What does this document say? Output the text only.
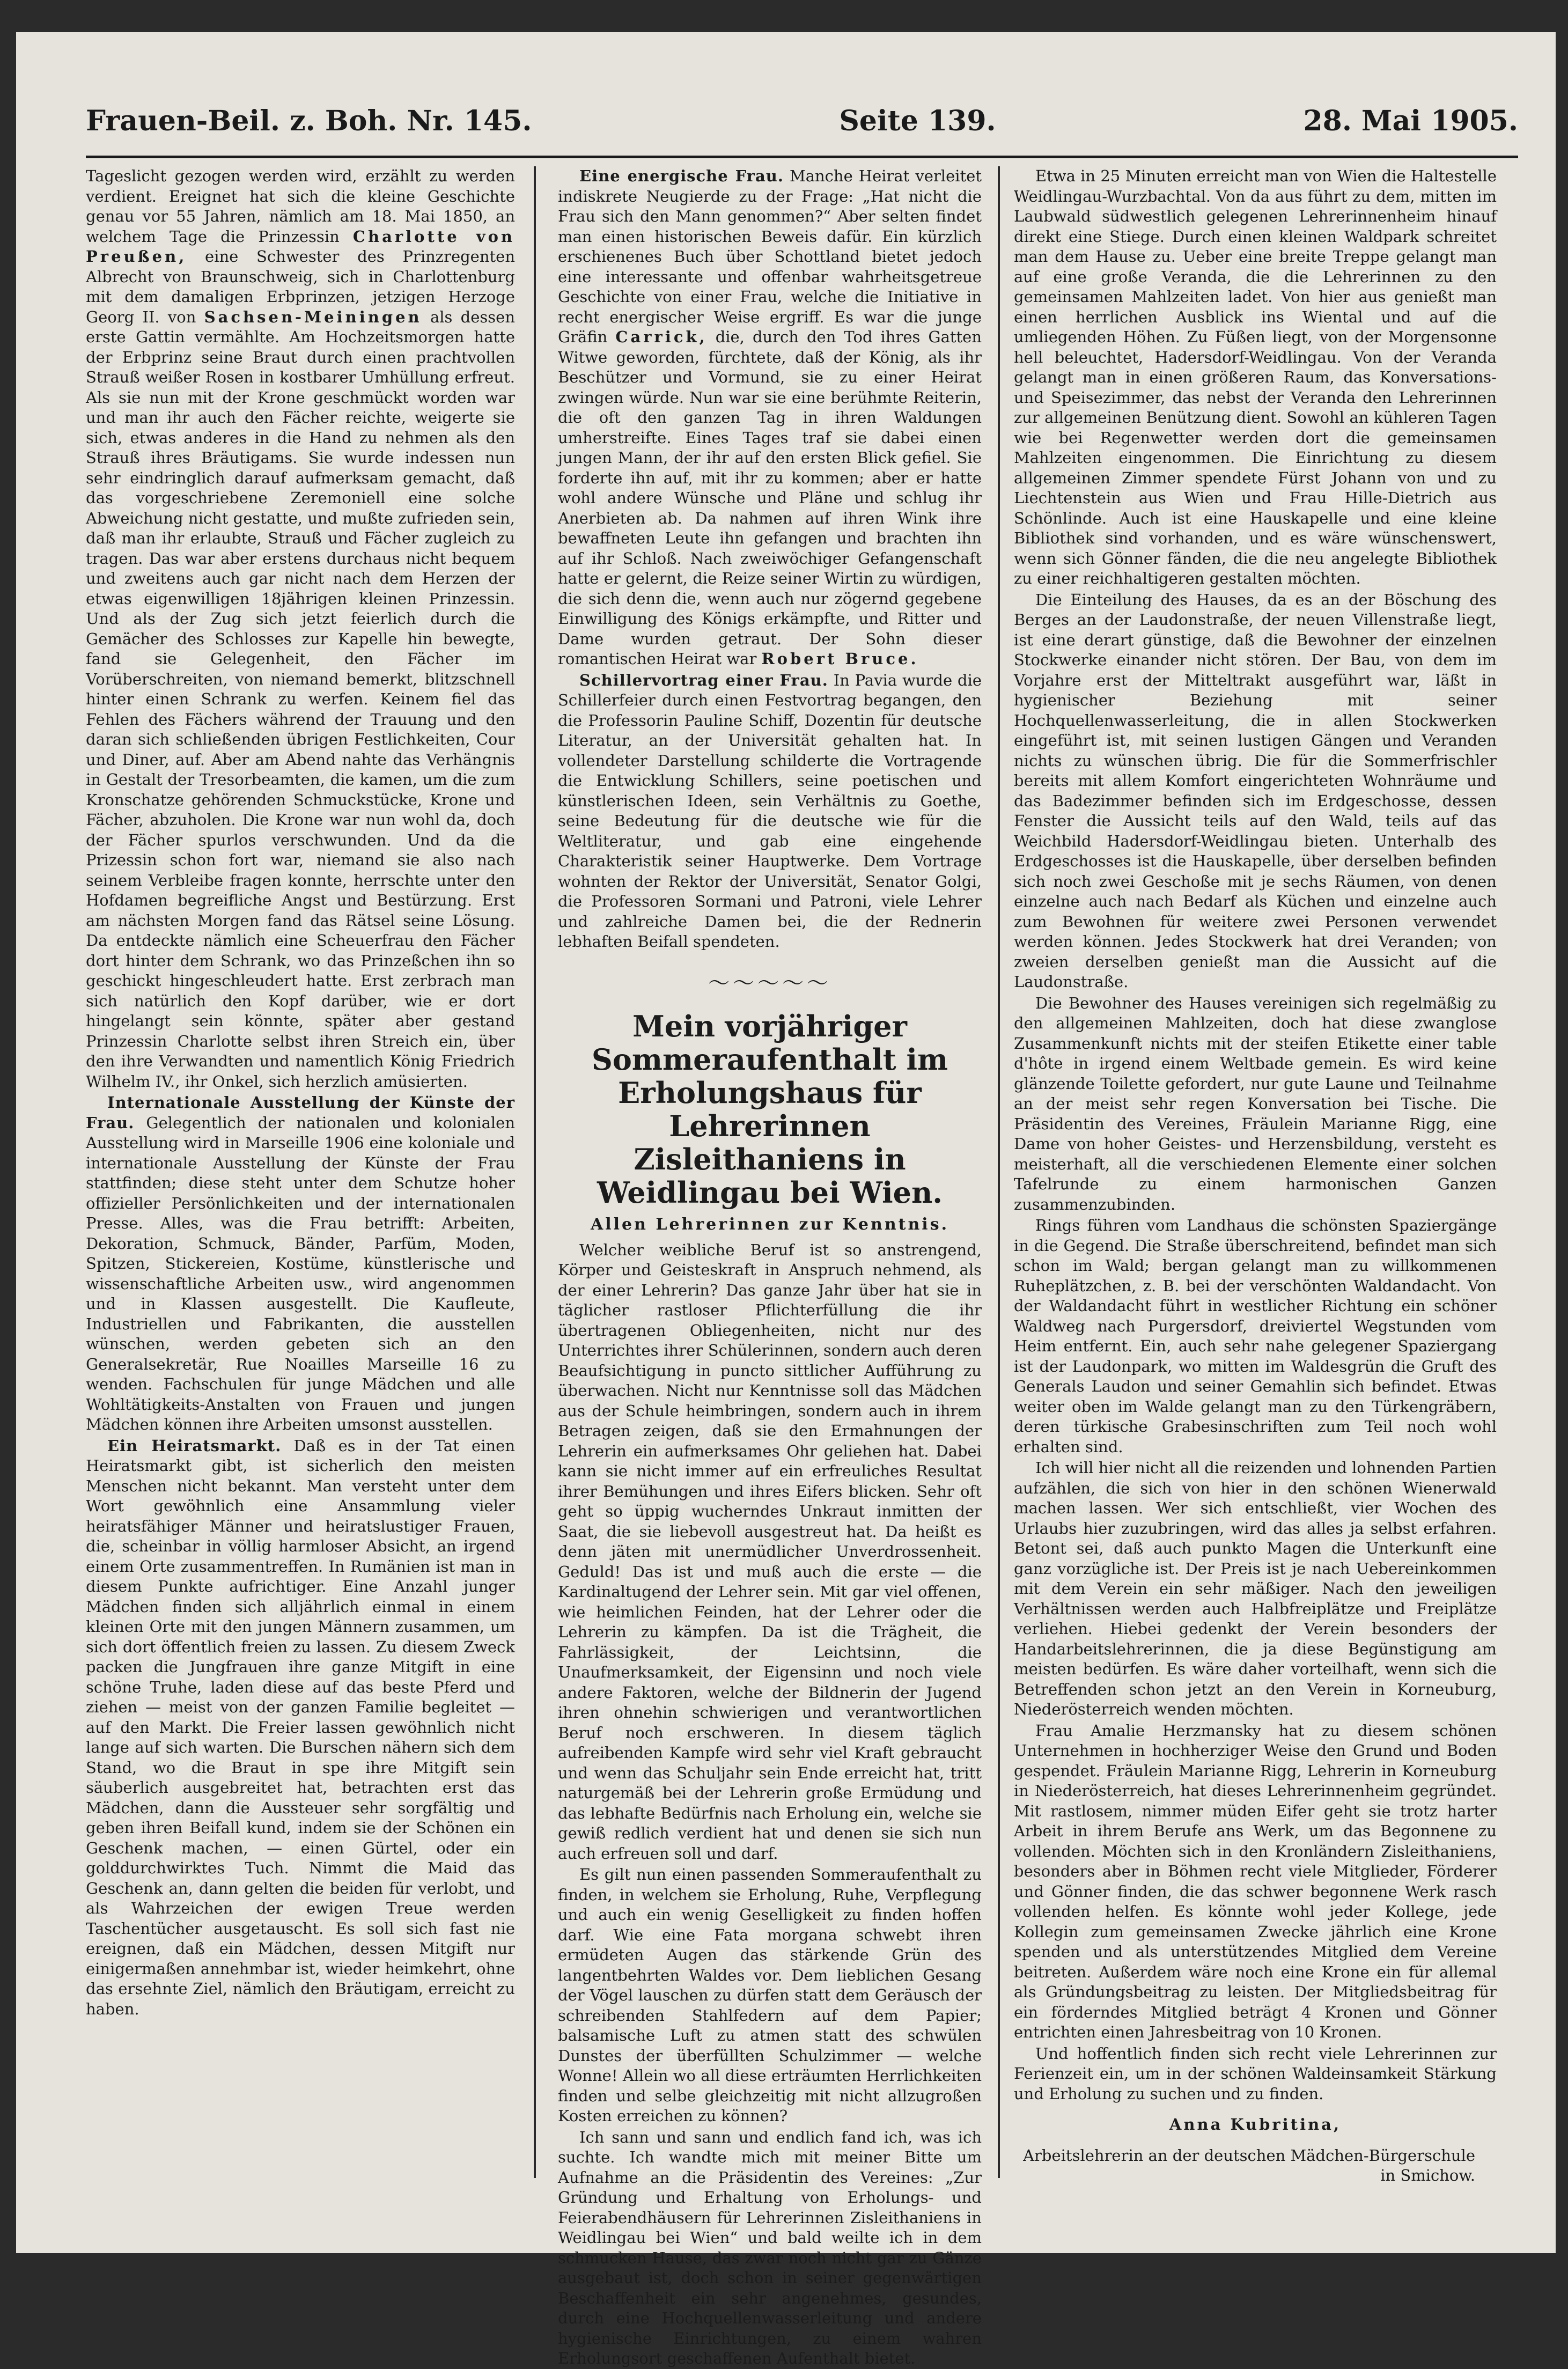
Frauen-Beil. z. Boh. Nr. 145.	Seite 139.	28. Mai 1905.

Tageslicht gezogen werden wird, erzählt zu werden verdient. Ereignet hat sich die kleine Geschichte genau vor 55 Jahren, nämlich am 18. Mai 1850, an welchem Tage die Prinzessin Charlotte von Preußen, eine Schwester des Prinzregenten Albrecht von Braunschweig, sich in Charlottenburg mit dem damaligen Erbprinzen, jetzigen Herzoge Georg II. von Sachsen-Meiningen als dessen erste Gattin vermählte. Am Hochzeitsmorgen hatte der Erbprinz seine Braut durch einen prachtvollen Strauß weißer Rosen in kostbarer Umhüllung erfreut. Als sie nun mit der Krone geschmückt worden war und man ihr auch den Fächer reichte, weigerte sie sich, etwas anderes in die Hand zu nehmen als den Strauß ihres Bräutigams. Sie wurde indessen nun sehr eindringlich darauf aufmerksam gemacht, daß das vorgeschriebene Zeremoniell eine solche Abweichung nicht gestatte, und mußte zufrieden sein, daß man ihr erlaubte, Strauß und Fächer zugleich zu tragen. Das war aber erstens durchaus nicht bequem und zweitens auch gar nicht nach dem Herzen der etwas eigenwilligen 18jährigen kleinen Prinzessin. Und als der Zug sich jetzt feierlich durch die Gemächer des Schlosses zur Kapelle hin bewegte, fand sie Gelegenheit, den Fächer im Vorüberschreiten, von niemand bemerkt, blitzschnell hinter einen Schrank zu werfen. Keinem fiel das Fehlen des Fächers während der Trauung und den daran sich schließenden übrigen Festlichkeiten, Cour und Diner, auf. Aber am Abend nahte das Verhängnis in Gestalt der Tresorbeamten, die kamen, um die zum Kronschatze gehörenden Schmuckstücke, Krone und Fächer, abzuholen. Die Krone war nun wohl da, doch der Fächer spurlos verschwunden. Und da die Prizessin schon fort war, niemand sie also nach seinem Verbleibe fragen konnte, herrschte unter den Hofdamen begreifliche Angst und Bestürzung. Erst am nächsten Morgen fand das Rätsel seine Lösung. Da entdeckte nämlich eine Scheuerfrau den Fächer dort hinter dem Schrank, wo das Prinzeßchen ihn so geschickt hingeschleudert hatte. Erst zerbrach man sich natürlich den Kopf darüber, wie er dort hingelangt sein könnte, später aber gestand Prinzessin Charlotte selbst ihren Streich ein, über den ihre Verwandten und namentlich König Friedrich Wilhelm IV., ihr Onkel, sich herzlich amüsierten.

Internationale Ausstellung der Künste der Frau. Gelegentlich der nationalen und kolonialen Ausstellung wird in Marseille 1906 eine koloniale und internationale Ausstellung der Künste der Frau stattfinden; diese steht unter dem Schutze hoher offizieller Persönlichkeiten und der internationalen Presse. Alles, was die Frau betrifft: Arbeiten, Dekoration, Schmuck, Bänder, Parfüm, Moden, Spitzen, Stickereien, Kostüme, künstlerische und wissenschaftliche Arbeiten usw., wird angenommen und in Klassen ausgestellt. Die Kaufleute, Industriellen und Fabrikanten, die ausstellen wünschen, werden gebeten sich an den Generalsekretär, Rue Noailles Marseille 16 zu wenden. Fachschulen für junge Mädchen und alle Wohltätigkeits-Anstalten von Frauen und jungen Mädchen können ihre Arbeiten umsonst ausstellen.

Ein Heiratsmarkt. Daß es in der Tat einen Heiratsmarkt gibt, ist sicherlich den meisten Menschen nicht bekannt. Man versteht unter dem Wort gewöhnlich eine Ansammlung vieler heiratsfähiger Männer und heiratslustiger Frauen, die, scheinbar in völlig harmloser Absicht, an irgend einem Orte zusammentreffen. In Rumänien ist man in diesem Punkte aufrichtiger. Eine Anzahl junger Mädchen finden sich alljährlich einmal in einem kleinen Orte mit den jungen Männern zusammen, um sich dort öffentlich freien zu lassen. Zu diesem Zweck packen die Jungfrauen ihre ganze Mitgift in eine schöne Truhe, laden diese auf das beste Pferd und ziehen — meist von der ganzen Familie begleitet — auf den Markt. Die Freier lassen gewöhnlich nicht lange auf sich warten. Die Burschen nähern sich dem Stand, wo die Braut in spe ihre Mitgift sein säuberlich ausgebreitet hat, betrachten erst das Mädchen, dann die Aussteuer sehr sorgfältig und geben ihren Beifall kund, indem sie der Schönen ein Geschenk machen, — einen Gürtel, oder ein golddurchwirktes Tuch. Nimmt die Maid das Geschenk an, dann gelten die beiden für verlobt, und als Wahrzeichen der ewigen Treue werden Taschentücher ausgetauscht. Es soll sich fast nie ereignen, daß ein Mädchen, dessen Mitgift nur einigermaßen annehmbar ist, wieder heimkehrt, ohne das ersehnte Ziel, nämlich den Bräutigam, erreicht zu haben.

Eine energische Frau. Manche Heirat verleitet indiskrete Neugierde zu der Frage: „Hat nicht die Frau sich den Mann genommen?“ Aber selten findet man einen historischen Beweis dafür. Ein kürzlich erschienenes Buch über Schottland bietet jedoch eine interessante und offenbar wahrheitsgetreue Geschichte von einer Frau, welche die Initiative in recht energischer Weise ergriff. Es war die junge Gräfin Carrick, die, durch den Tod ihres Gatten Witwe geworden, fürchtete, daß der König, als ihr Beschützer und Vormund, sie zu einer Heirat zwingen würde. Nun war sie eine berühmte Reiterin, die oft den ganzen Tag in ihren Waldungen umherstreifte. Eines Tages traf sie dabei einen jungen Mann, der ihr auf den ersten Blick gefiel. Sie forderte ihn auf, mit ihr zu kommen; aber er hatte wohl andere Wünsche und Pläne und schlug ihr Anerbieten ab. Da nahmen auf ihren Wink ihre bewaffneten Leute ihn gefangen und brachten ihn auf ihr Schloß. Nach zweiwöchiger Gefangenschaft hatte er gelernt, die Reize seiner Wirtin zu würdigen, die sich denn die, wenn auch nur zögernd gegebene Einwilligung des Königs erkämpfte, und Ritter und Dame wurden getraut. Der Sohn dieser romantischen Heirat war Robert Bruce.

Schillervortrag einer Frau. In Pavia wurde die Schillerfeier durch einen Festvortrag begangen, den die Professorin Pauline Schiff, Dozentin für deutsche Literatur, an der Universität gehalten hat. In vollendeter Darstellung schilderte die Vortragende die Entwicklung Schillers, seine poetischen und künstlerischen Ideen, sein Verhältnis zu Goethe, seine Bedeutung für die deutsche wie für die Weltliteratur, und gab eine eingehende Charakteristik seiner Hauptwerke. Dem Vortrage wohnten der Rektor der Universität, Senator Golgi, die Professoren Sormani und Patroni, viele Lehrer und zahlreiche Damen bei, die der Rednerin lebhaften Beifall spendeten.

〜〜〜〜〜

Mein vorjähriger Sommeraufenthalt im Erholungshaus für Lehrerinnen Zisleithaniens in Weidlingau bei Wien.

Allen Lehrerinnen zur Kenntnis.

Welcher weibliche Beruf ist so anstrengend, Körper und Geisteskraft in Anspruch nehmend, als der einer Lehrerin? Das ganze Jahr über hat sie in täglicher rastloser Pflichterfüllung die ihr übertragenen Obliegenheiten, nicht nur des Unterrichtes ihrer Schülerinnen, sondern auch deren Beaufsichtigung in puncto sittlicher Aufführung zu überwachen. Nicht nur Kenntnisse soll das Mädchen aus der Schule heimbringen, sondern auch in ihrem Betragen zeigen, daß sie den Ermahnungen der Lehrerin ein aufmerksames Ohr geliehen hat. Dabei kann sie nicht immer auf ein erfreuliches Resultat ihrer Bemühungen und ihres Eifers blicken. Sehr oft geht so üppig wucherndes Unkraut inmitten der Saat, die sie liebevoll ausgestreut hat. Da heißt es denn jäten mit unermüdlicher Unverdrossenheit. Geduld! Das ist und muß auch die erste — die Kardinaltugend der Lehrer sein. Mit gar viel offenen, wie heimlichen Feinden, hat der Lehrer oder die Lehrerin zu kämpfen. Da ist die Trägheit, die Fahrlässigkeit, der Leichtsinn, die Unaufmerksamkeit, der Eigensinn und noch viele andere Faktoren, welche der Bildnerin der Jugend ihren ohnehin schwierigen und verantwortlichen Beruf noch erschweren. In diesem täglich aufreibenden Kampfe wird sehr viel Kraft gebraucht und wenn das Schuljahr sein Ende erreicht hat, tritt naturgemäß bei der Lehrerin große Ermüdung und das lebhafte Bedürfnis nach Erholung ein, welche sie gewiß redlich verdient hat und denen sie sich nun auch erfreuen soll und darf.

Es gilt nun einen passenden Sommeraufenthalt zu finden, in welchem sie Erholung, Ruhe, Verpflegung und auch ein wenig Geselligkeit zu finden hoffen darf. Wie eine Fata morgana schwebt ihren ermüdeten Augen das stärkende Grün des langentbehrten Waldes vor. Dem lieblichen Gesang der Vögel lauschen zu dürfen statt dem Geräusch der schreibenden Stahlfedern auf dem Papier; balsamische Luft zu atmen statt des schwülen Dunstes der überfüllten Schulzimmer — welche Wonne! Allein wo all diese erträumten Herrlichkeiten finden und selbe gleichzeitig mit nicht allzugroßen Kosten erreichen zu können?

Ich sann und sann und endlich fand ich, was ich suchte. Ich wandte mich mit meiner Bitte um Aufnahme an die Präsidentin des Vereines: „Zur Gründung und Erhaltung von Erholungs- und Feierabendhäusern für Lehrerinnen Zisleithaniens in Weidlingau bei Wien“ und bald weilte ich in dem schmucken Hause, das zwar noch nicht gar zu Gänze ausgebaut ist, doch schon in seiner gegenwärtigen Beschaffenheit ein sehr angenehmes, gesundes, durch eine Hochquellenwasserleitung und andere hygienische Einrichtungen, zu einem wahren Erholungsort geschaffenen Aufenthalt bietet.

Etwa in 25 Minuten erreicht man von Wien die Haltestelle Weidlingau-Wurzbachtal. Von da aus führt zu dem, mitten im Laubwald südwestlich gelegenen Lehrerinnenheim hinauf direkt eine Stiege. Durch einen kleinen Waldpark schreitet man dem Hause zu. Ueber eine breite Treppe gelangt man auf eine große Veranda, die die Lehrerinnen zu den gemeinsamen Mahlzeiten ladet. Von hier aus genießt man einen herrlichen Ausblick ins Wiental und auf die umliegenden Höhen. Zu Füßen liegt, von der Morgensonne hell beleuchtet, Hadersdorf-Weidlingau. Von der Veranda gelangt man in einen größeren Raum, das Konversations- und Speisezimmer, das nebst der Veranda den Lehrerinnen zur allgemeinen Benützung dient. Sowohl an kühleren Tagen wie bei Regenwetter werden dort die gemeinsamen Mahlzeiten eingenommen. Die Einrichtung zu diesem allgemeinen Zimmer spendete Fürst Johann von und zu Liechtenstein aus Wien und Frau Hille-Dietrich aus Schönlinde. Auch ist eine Hauskapelle und eine kleine Bibliothek sind vorhanden, und es wäre wünschenswert, wenn sich Gönner fänden, die die neu angelegte Bibliothek zu einer reichhaltigeren gestalten möchten.

Die Einteilung des Hauses, da es an der Böschung des Berges an der Laudonstraße, der neuen Villenstraße liegt, ist eine derart günstige, daß die Bewohner der einzelnen Stockwerke einander nicht stören. Der Bau, von dem im Vorjahre erst der Mitteltrakt ausgeführt war, läßt in hygienischer Beziehung mit seiner Hochquellenwasserleitung, die in allen Stockwerken eingeführt ist, mit seinen lustigen Gängen und Veranden nichts zu wünschen übrig. Die für die Sommerfrischler bereits mit allem Komfort eingerichteten Wohnräume und das Badezimmer befinden sich im Erdgeschosse, dessen Fenster die Aussicht teils auf den Wald, teils auf das Weichbild Hadersdorf-Weidlingau bieten. Unterhalb des Erdgeschosses ist die Hauskapelle, über derselben befinden sich noch zwei Geschoße mit je sechs Räumen, von denen einzelne auch nach Bedarf als Küchen und einzelne auch zum Bewohnen für weitere zwei Personen verwendet werden können. Jedes Stockwerk hat drei Veranden; von zweien derselben genießt man die Aussicht auf die Laudonstraße.

Die Bewohner des Hauses vereinigen sich regelmäßig zu den allgemeinen Mahlzeiten, doch hat diese zwanglose Zusammenkunft nichts mit der steifen Etikette einer table d'hôte in irgend einem Weltbade gemein. Es wird keine glänzende Toilette gefordert, nur gute Laune und Teilnahme an der meist sehr regen Konversation bei Tische. Die Präsidentin des Vereines, Fräulein Marianne Rigg, eine Dame von hoher Geistes- und Herzensbildung, versteht es meisterhaft, all die verschiedenen Elemente einer solchen Tafelrunde zu einem harmonischen Ganzen zusammenzubinden.

Rings führen vom Landhaus die schönsten Spaziergänge in die Gegend. Die Straße überschreitend, befindet man sich schon im Wald; bergan gelangt man zu willkommenen Ruheplätzchen, z. B. bei der verschönten Waldandacht. Von der Waldandacht führt in westlicher Richtung ein schöner Waldweg nach Purgersdorf, dreiviertel Wegstunden vom Heim entfernt. Ein, auch sehr nahe gelegener Spaziergang ist der Laudonpark, wo mitten im Waldesgrün die Gruft des Generals Laudon und seiner Gemahlin sich befindet. Etwas weiter oben im Walde gelangt man zu den Türkengräbern, deren türkische Grabesinschriften zum Teil noch wohl erhalten sind.

Ich will hier nicht all die reizenden und lohnenden Partien aufzählen, die sich von hier in den schönen Wienerwald machen lassen. Wer sich entschließt, vier Wochen des Urlaubs hier zuzubringen, wird das alles ja selbst erfahren. Betont sei, daß auch punkto Magen die Unterkunft eine ganz vorzügliche ist. Der Preis ist je nach Uebereinkommen mit dem Verein ein sehr mäßiger. Nach den jeweiligen Verhältnissen werden auch Halbfreiplätze und Freiplätze verliehen. Hiebei gedenkt der Verein besonders der Handarbeitslehrerinnen, die ja diese Begünstigung am meisten bedürfen. Es wäre daher vorteilhaft, wenn sich die Betreffenden schon jetzt an den Verein in Korneuburg, Niederösterreich wenden möchten.

Frau Amalie Herzmansky hat zu diesem schönen Unternehmen in hochherziger Weise den Grund und Boden gespendet. Fräulein Marianne Rigg, Lehrerin in Korneuburg in Niederösterreich, hat dieses Lehrerinnenheim gegründet. Mit rastlosem, nimmer müden Eifer geht sie trotz harter Arbeit in ihrem Berufe ans Werk, um das Begonnene zu vollenden. Möchten sich in den Kronländern Zisleithaniens, besonders aber in Böhmen recht viele Mitglieder, Förderer und Gönner finden, die das schwer begonnene Werk rasch vollenden helfen. Es könnte wohl jeder Kollege, jede Kollegin zum gemeinsamen Zwecke jährlich eine Krone spenden und als unterstützendes Mitglied dem Vereine beitreten. Außerdem wäre noch eine Krone ein für allemal als Gründungsbeitrag zu leisten. Der Mitgliedsbeitrag für ein förderndes Mitglied beträgt 4 Kronen und Gönner entrichten einen Jahresbeitrag von 10 Kronen.

Und hoffentlich finden sich recht viele Lehrerinnen zur Ferienzeit ein, um in der schönen Waldeinsamkeit Stärkung und Erholung zu suchen und zu finden.

Anna Kubritina,

Arbeitslehrerin an der deutschen Mädchen-Bürgerschule in Smichow.
